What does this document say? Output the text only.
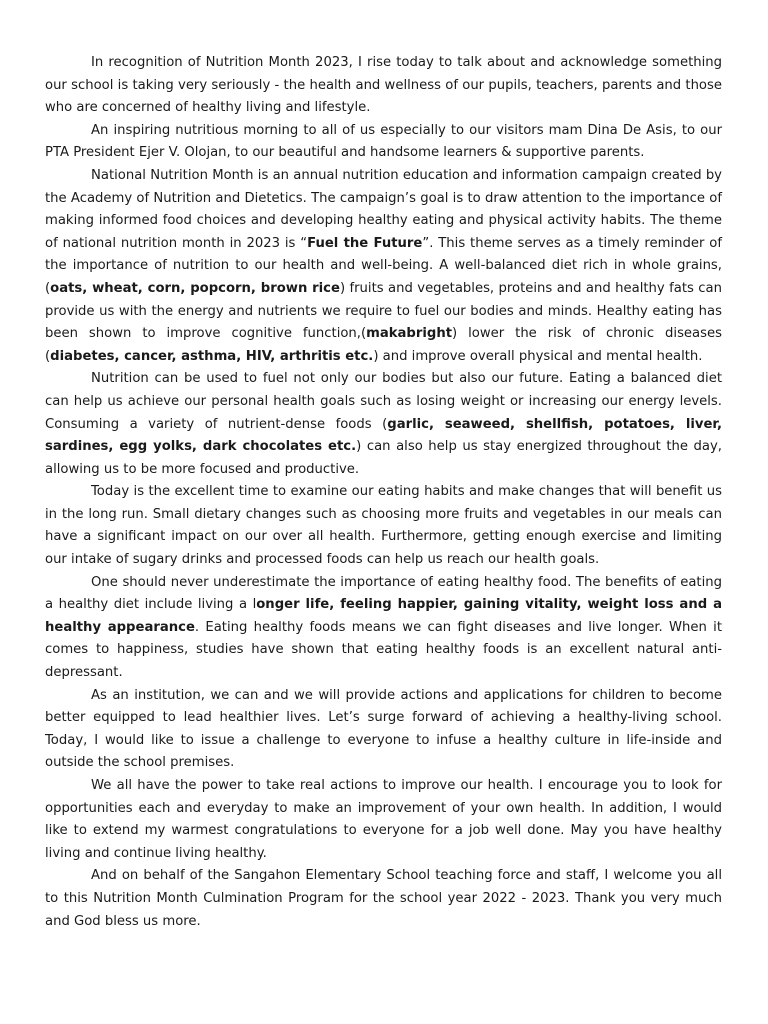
In recognition of Nutrition Month 2023, I rise today to talk about and acknowledge something our school is taking very seriously - the health and wellness of our pupils, teachers, parents and those who are concerned of healthy living and lifestyle.

An inspiring nutritious morning to all of us especially to our visitors mam Dina De Asis, to our PTA President Ejer V. Olojan, to our beautiful and handsome learners & supportive parents.

National Nutrition Month is an annual nutrition education and information campaign created by the Academy of Nutrition and Dietetics. The campaign’s goal is to draw attention to the importance of making informed food choices and developing healthy eating and physical activity habits. The theme of national nutrition month in 2023 is “Fuel the Future”. This theme serves as a timely reminder of the importance of nutrition to our health and well-being. A well-balanced diet rich in whole grains, (oats, wheat, corn, popcorn, brown rice) fruits and vegetables, proteins and and healthy fats can provide us with the energy and nutrients we require to fuel our bodies and minds. Healthy eating has been shown to improve cognitive function,(makabright) lower the risk of chronic diseases (diabetes, cancer, asthma, HIV, arthritis etc.) and improve overall physical and mental health.

Nutrition can be used to fuel not only our bodies but also our future. Eating a balanced diet can help us achieve our personal health goals such as losing weight or increasing our energy levels. Consuming a variety of nutrient-dense foods (garlic, seaweed, shellfish, potatoes, liver, sardines, egg yolks, dark chocolates etc.) can also help us stay energized throughout the day, allowing us to be more focused and productive.

Today is the excellent time to examine our eating habits and make changes that will benefit us in the long run. Small dietary changes such as choosing more fruits and vegetables in our meals can have a significant impact on our over all health. Furthermore, getting enough exercise and limiting our intake of sugary drinks and processed foods can help us reach our health goals.

One should never underestimate the importance of eating healthy food. The benefits of eating a healthy diet include living a longer life, feeling happier, gaining vitality, weight loss and a healthy appearance. Eating healthy foods means we can fight diseases and live longer. When it comes to happiness, studies have shown that eating healthy foods is an excellent natural anti-depressant.

As an institution, we can and we will provide actions and applications for children to become better equipped to lead healthier lives. Let’s surge forward of achieving a healthy-living school. Today, I would like to issue a challenge to everyone to infuse a healthy culture in life-inside and outside the school premises.

We all have the power to take real actions to improve our health. I encourage you to look for opportunities each and everyday to make an improvement of your own health. In addition, I would like to extend my warmest congratulations to everyone for a job well done. May you have healthy living and continue living healthy.

And on behalf of the Sangahon Elementary School teaching force and staff, I welcome you all to this Nutrition Month Culmination Program for the school year 2022 - 2023. Thank you very much and God bless us more.
